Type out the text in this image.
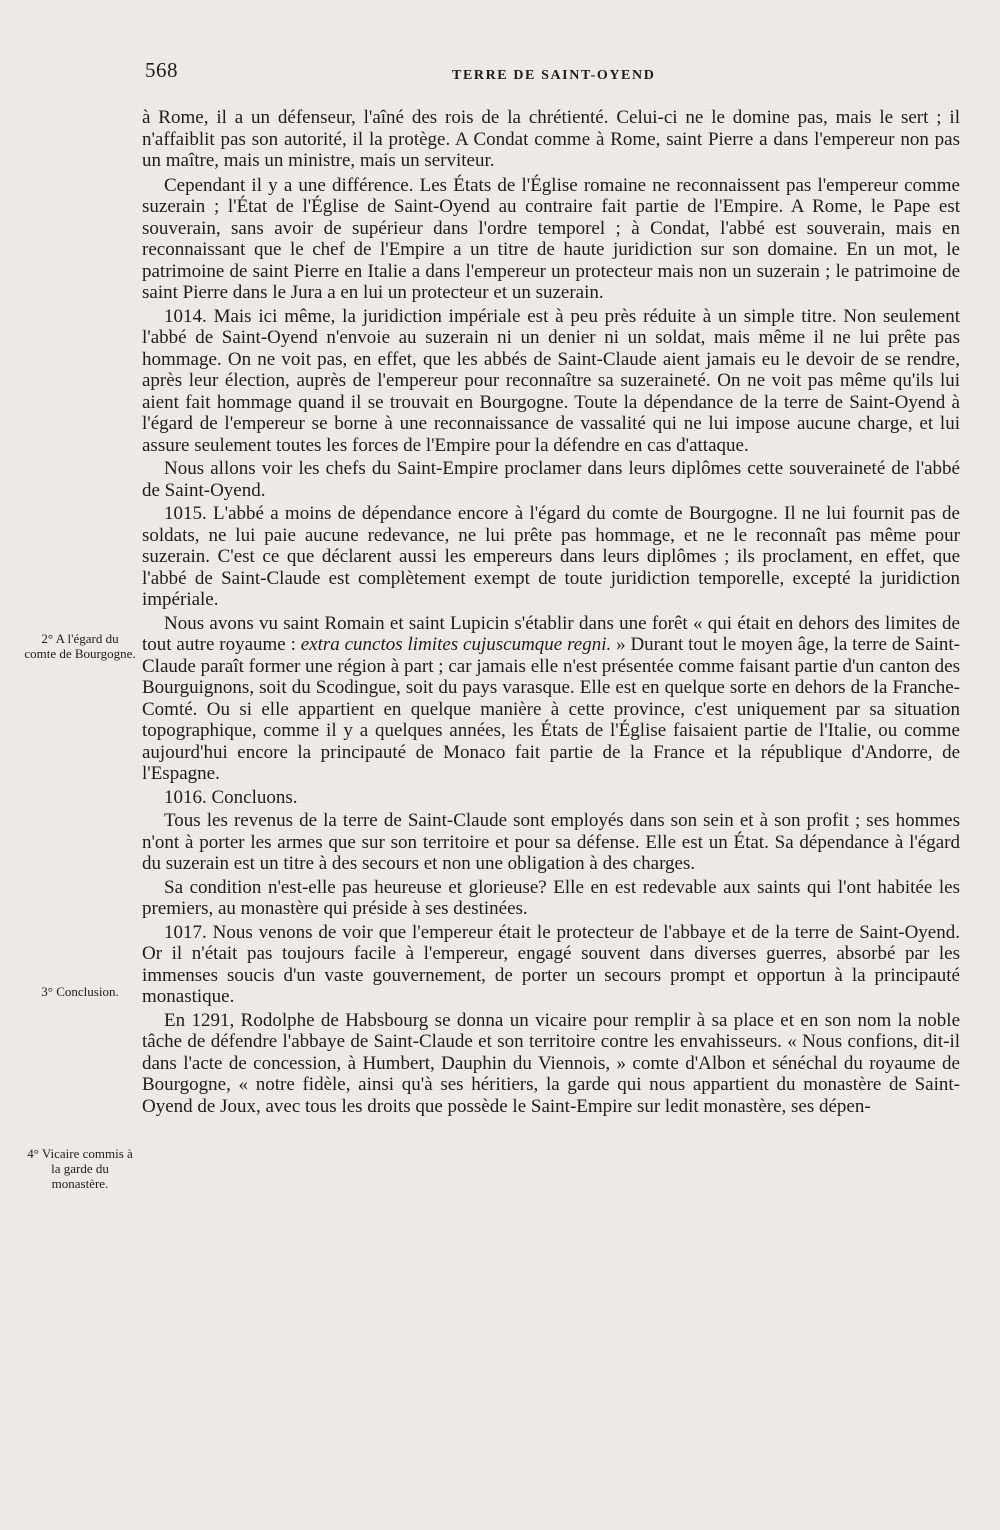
568	TERRE DE SAINT-OYEND
2° A l'égard du comte de Bourgogne.
3° Conclusion.
4° Vicaire commis à la garde du monastère.

à Rome, il a un défenseur, l'aîné des rois de la chrétienté. Celui-ci ne le domine pas, mais le sert ; il n'affaiblit pas son autorité, il la protège. A Condat comme à Rome, saint Pierre a dans l'empereur non pas un maître, mais un ministre, mais un serviteur.

Cependant il y a une différence. Les États de l'Église romaine ne reconnaissent pas l'empereur comme suzerain ; l'État de l'Église de Saint-Oyend au contraire fait partie de l'Empire. A Rome, le Pape est souverain, sans avoir de supérieur dans l'ordre temporel ; à Condat, l'abbé est souverain, mais en reconnaissant que le chef de l'Empire a un titre de haute juridiction sur son domaine. En un mot, le patrimoine de saint Pierre en Italie a dans l'empereur un protecteur mais non un suzerain ; le patrimoine de saint Pierre dans le Jura a en lui un protecteur et un suzerain.

1014. Mais ici même, la juridiction impériale est à peu près réduite à un simple titre. Non seulement l'abbé de Saint-Oyend n'envoie au suzerain ni un denier ni un soldat, mais même il ne lui prête pas hommage. On ne voit pas, en effet, que les abbés de Saint-Claude aient jamais eu le devoir de se rendre, après leur élection, auprès de l'empereur pour reconnaître sa suzeraineté. On ne voit pas même qu'ils lui aient fait hommage quand il se trouvait en Bourgogne. Toute la dépendance de la terre de Saint-Oyend à l'égard de l'empereur se borne à une reconnaissance de vassalité qui ne lui impose aucune charge, et lui assure seulement toutes les forces de l'Empire pour la défendre en cas d'attaque.

Nous allons voir les chefs du Saint-Empire proclamer dans leurs diplômes cette souveraineté de l'abbé de Saint-Oyend.

1015. L'abbé a moins de dépendance encore à l'égard du comte de Bourgogne. Il ne lui fournit pas de soldats, ne lui paie aucune redevance, ne lui prête pas hommage, et ne le reconnaît pas même pour suzerain. C'est ce que déclarent aussi les empereurs dans leurs diplômes ; ils proclament, en effet, que l'abbé de Saint-Claude est complètement exempt de toute juridiction temporelle, excepté la juridiction impériale.

Nous avons vu saint Romain et saint Lupicin s'établir dans une forêt « qui était en dehors des limites de tout autre royaume : extra cunctos limites cujuscumque regni. » Durant tout le moyen âge, la terre de Saint-Claude paraît former une région à part ; car jamais elle n'est présentée comme faisant partie d'un canton des Bourguignons, soit du Scodingue, soit du pays varasque. Elle est en quelque sorte en dehors de la Franche-Comté. Ou si elle appartient en quelque manière à cette province, c'est uniquement par sa situation topographique, comme il y a quelques années, les États de l'Église faisaient partie de l'Italie, ou comme aujourd'hui encore la principauté de Monaco fait partie de la France et la république d'Andorre, de l'Espagne.

1016. Concluons.

Tous les revenus de la terre de Saint-Claude sont employés dans son sein et à son profit ; ses hommes n'ont à porter les armes que sur son territoire et pour sa défense. Elle est un État. Sa dépendance à l'égard du suzerain est un titre à des secours et non une obligation à des charges.

Sa condition n'est-elle pas heureuse et glorieuse? Elle en est redevable aux saints qui l'ont habitée les premiers, au monastère qui préside à ses destinées.

1017. Nous venons de voir que l'empereur était le protecteur de l'abbaye et de la terre de Saint-Oyend. Or il n'était pas toujours facile à l'empereur, engagé souvent dans diverses guerres, absorbé par les immenses soucis d'un vaste gouvernement, de porter un secours prompt et opportun à la principauté monastique.

En 1291, Rodolphe de Habsbourg se donna un vicaire pour remplir à sa place et en son nom la noble tâche de défendre l'abbaye de Saint-Claude et son territoire contre les envahisseurs. « Nous confions, dit-il dans l'acte de concession, à Humbert, Dauphin du Viennois, » comte d'Albon et sénéchal du royaume de Bourgogne, « notre fidèle, ainsi qu'à ses héritiers, la garde qui nous appartient du monastère de Saint-Oyend de Joux, avec tous les droits que possède le Saint-Empire sur ledit monastère, ses dépen-
